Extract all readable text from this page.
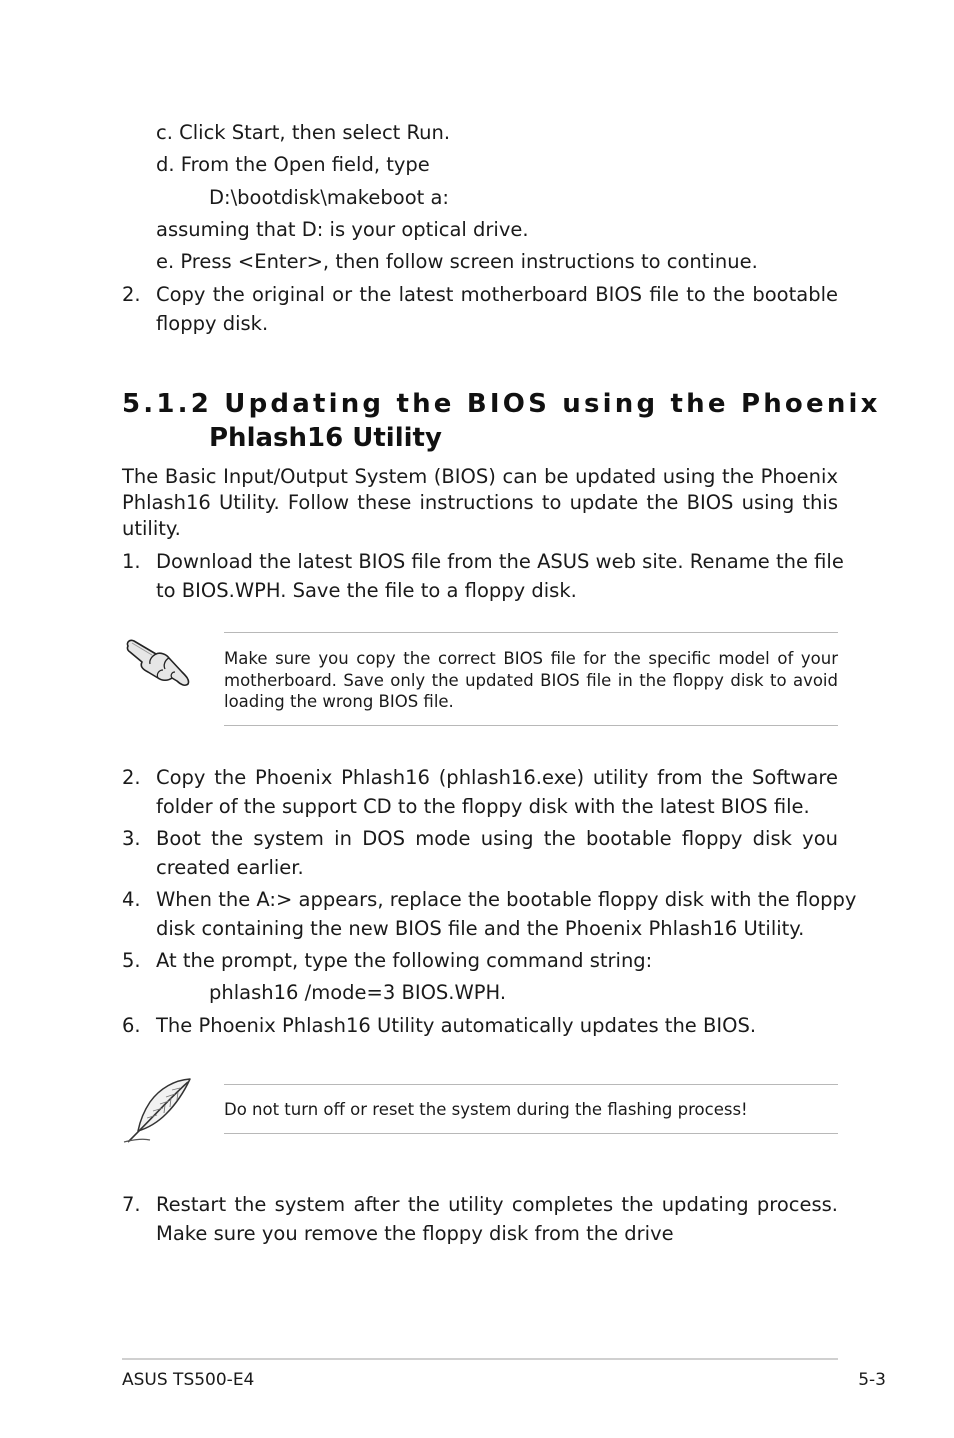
c. Click Start, then select Run.
d. From the Open field, type
D:\bootdisk\makeboot a:
assuming that D: is your optical drive.
e. Press <Enter>, then follow screen instructions to continue.
2. Copy the original or the latest motherboard BIOS file to the bootable
floppy disk.
5.1.2 Updating the BIOS using the Phoenix
Phlash16 Utility
The Basic Input/Output System (BIOS) can be updated using the Phoenix
Phlash16 Utility. Follow these instructions to update the BIOS using this
utility.
1. Download the latest BIOS file from the ASUS web site. Rename the file
to BIOS.WPH. Save the file to a floppy disk.
Make sure you copy the correct BIOS file for the specific model of your
motherboard. Save only the updated BIOS file in the floppy disk to avoid
loading the wrong BIOS file.
2. Copy the Phoenix Phlash16 (phlash16.exe) utility from the Software
folder of the support CD to the floppy disk with the latest BIOS file.
3. Boot the system in DOS mode using the bootable floppy disk you
created earlier.
4. When the A:> appears, replace the bootable floppy disk with the floppy
disk containing the new BIOS file and the Phoenix Phlash16 Utility.
5. At the prompt, type the following command string:
phlash16 /mode=3 BIOS.WPH.
6. The Phoenix Phlash16 Utility automatically updates the BIOS.
Do not turn off or reset the system during the flashing process!
7. Restart the system after the utility completes the updating process.
Make sure you remove the floppy disk from the drive
ASUS TS500-E4	5-3
